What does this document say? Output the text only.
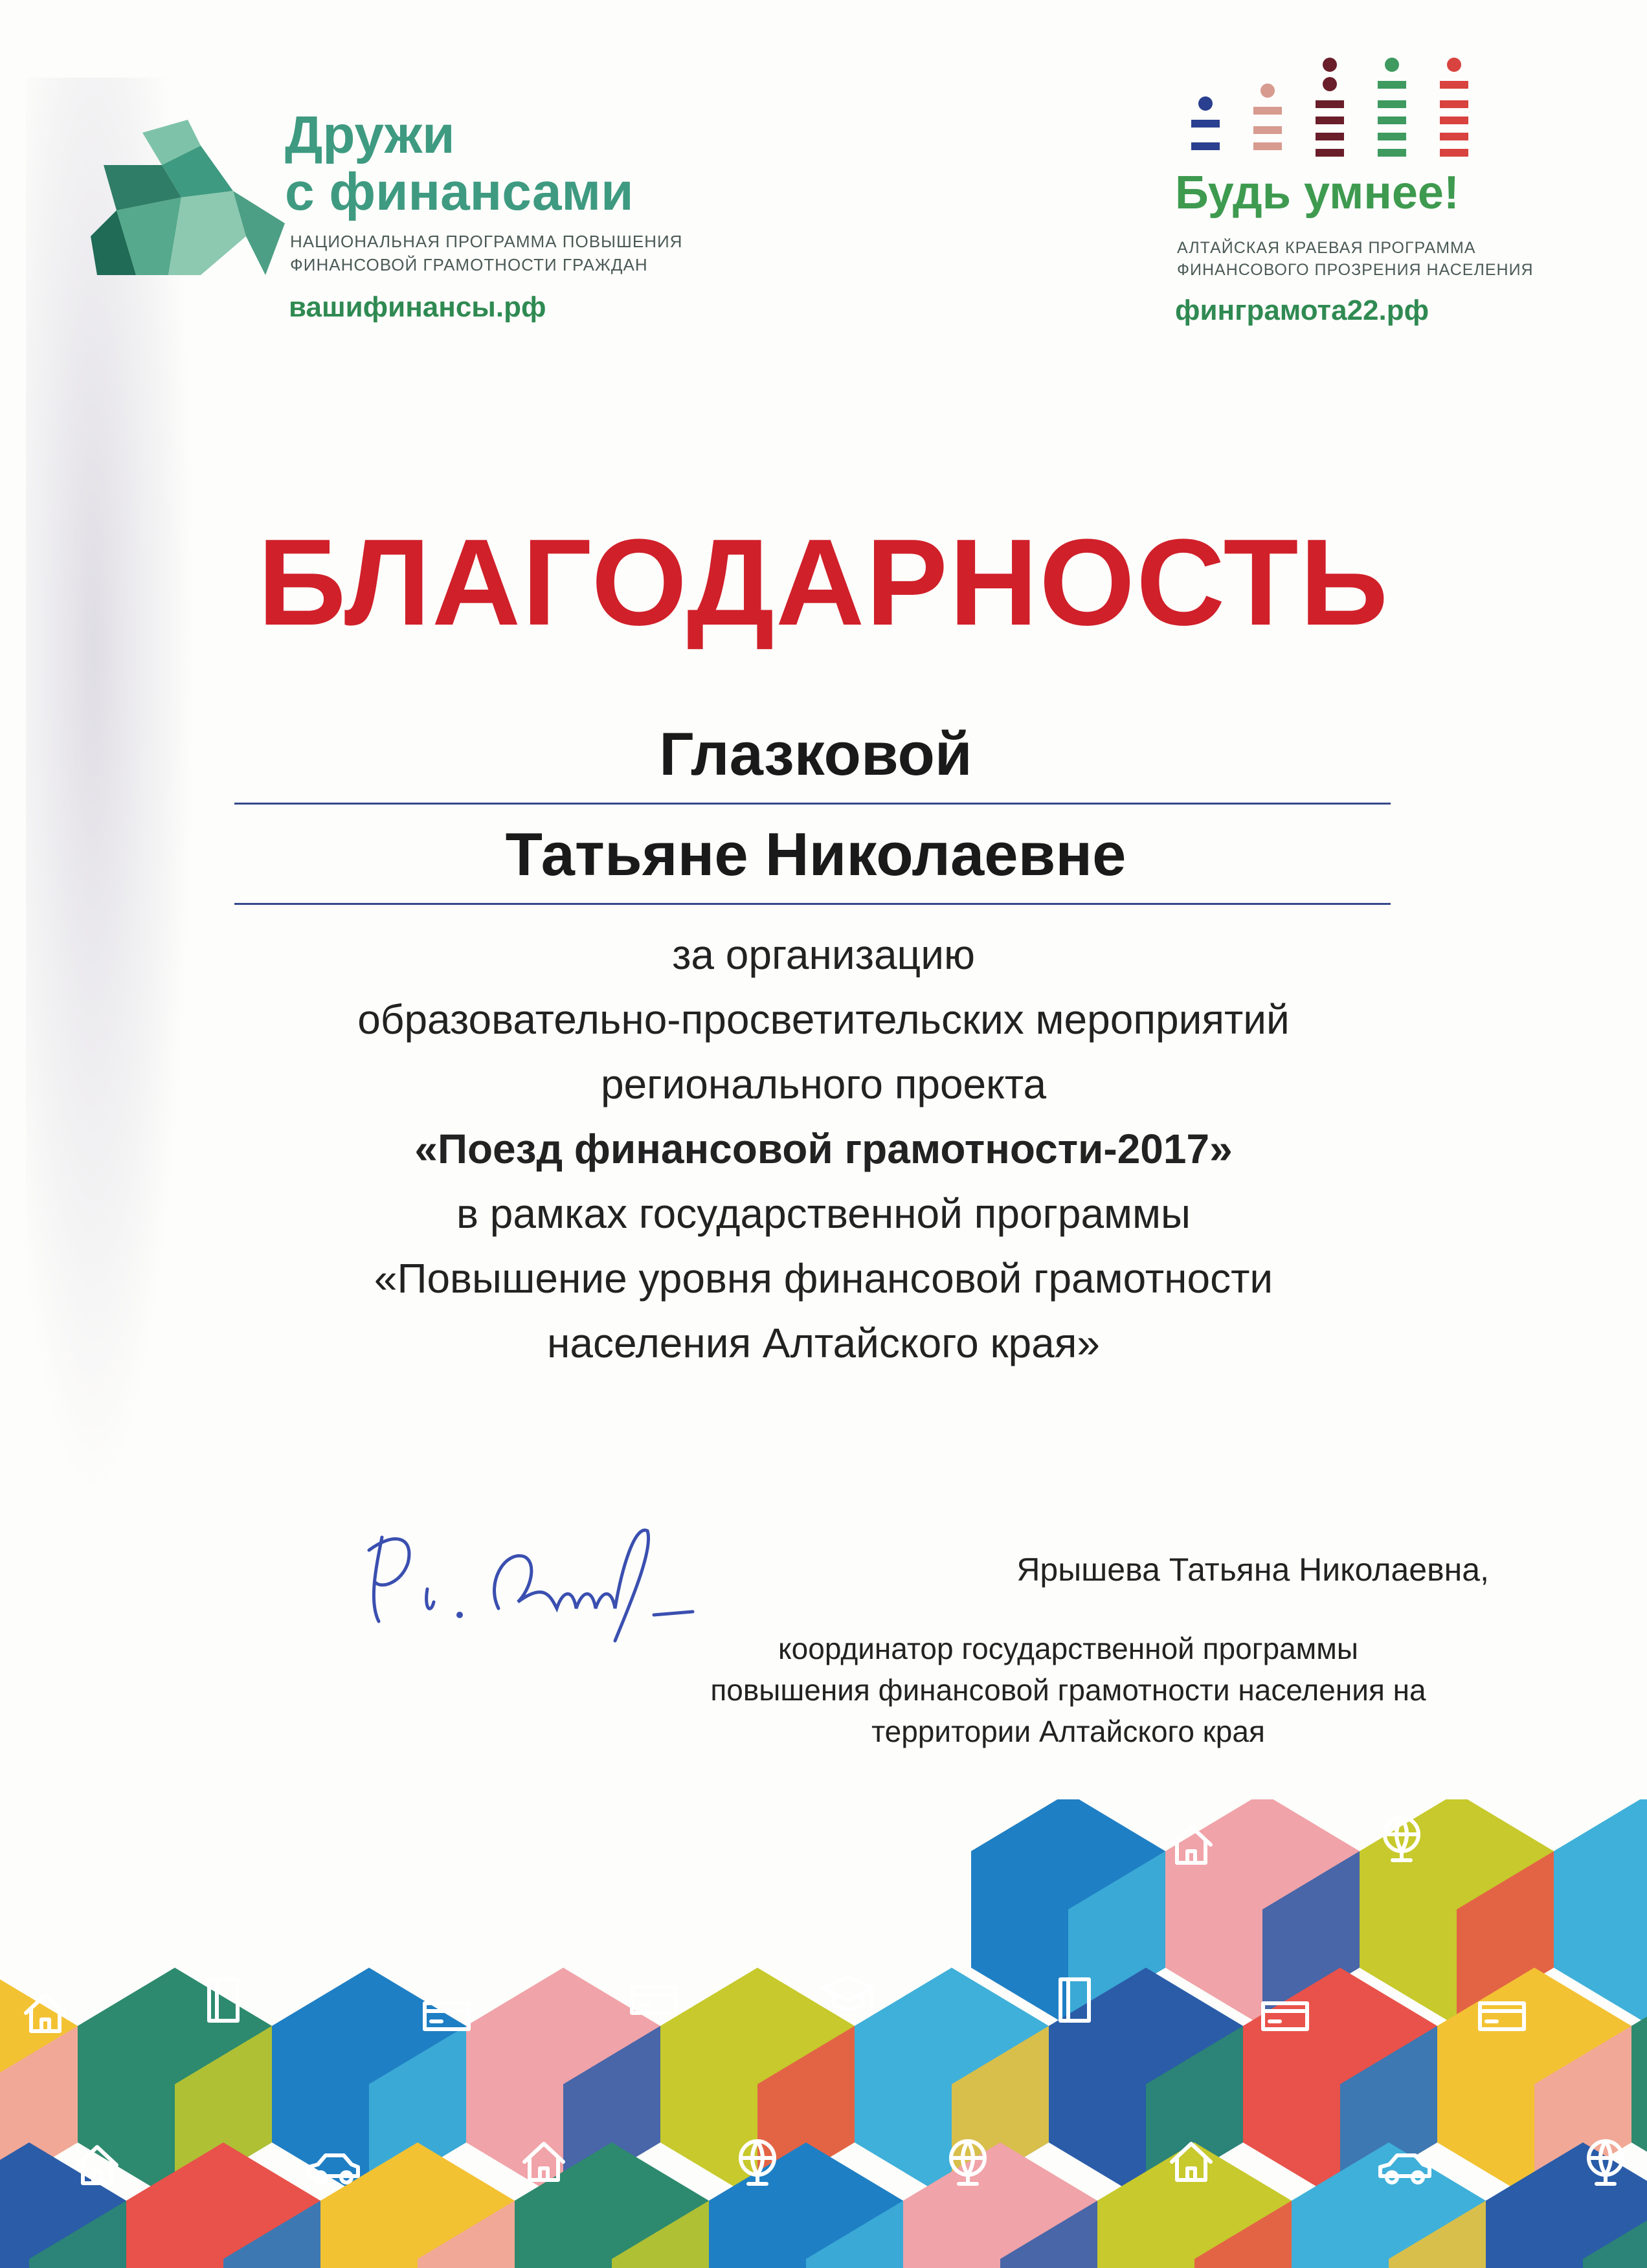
Дружи
с финансами
НАЦИОНАЛЬНАЯ ПРОГРАММА ПОВЫШЕНИЯ
ФИНАНСОВОЙ ГРАМОТНОСТИ ГРАЖДАН
вашифинансы.рф
Будь умнее!
АЛТАЙСКАЯ КРАЕВАЯ ПРОГРАММА
ФИНАНСОВОГО ПРОЗРЕНИЯ НАСЕЛЕНИЯ
финграмота22.рф
БЛАГОДАРНОСТЬ
Глазковой
Татьяне Николаевне
за организацию
образовательно-просветительских мероприятий
регионального проекта
«Поезд финансовой грамотности-2017»
в рамках государственной программы
«Повышение уровня финансовой грамотности
населения Алтайского края»
Ярышева Татьяна Николаевна,
координатор государственной программы
повышения финансовой грамотности населения на
территории Алтайского края
